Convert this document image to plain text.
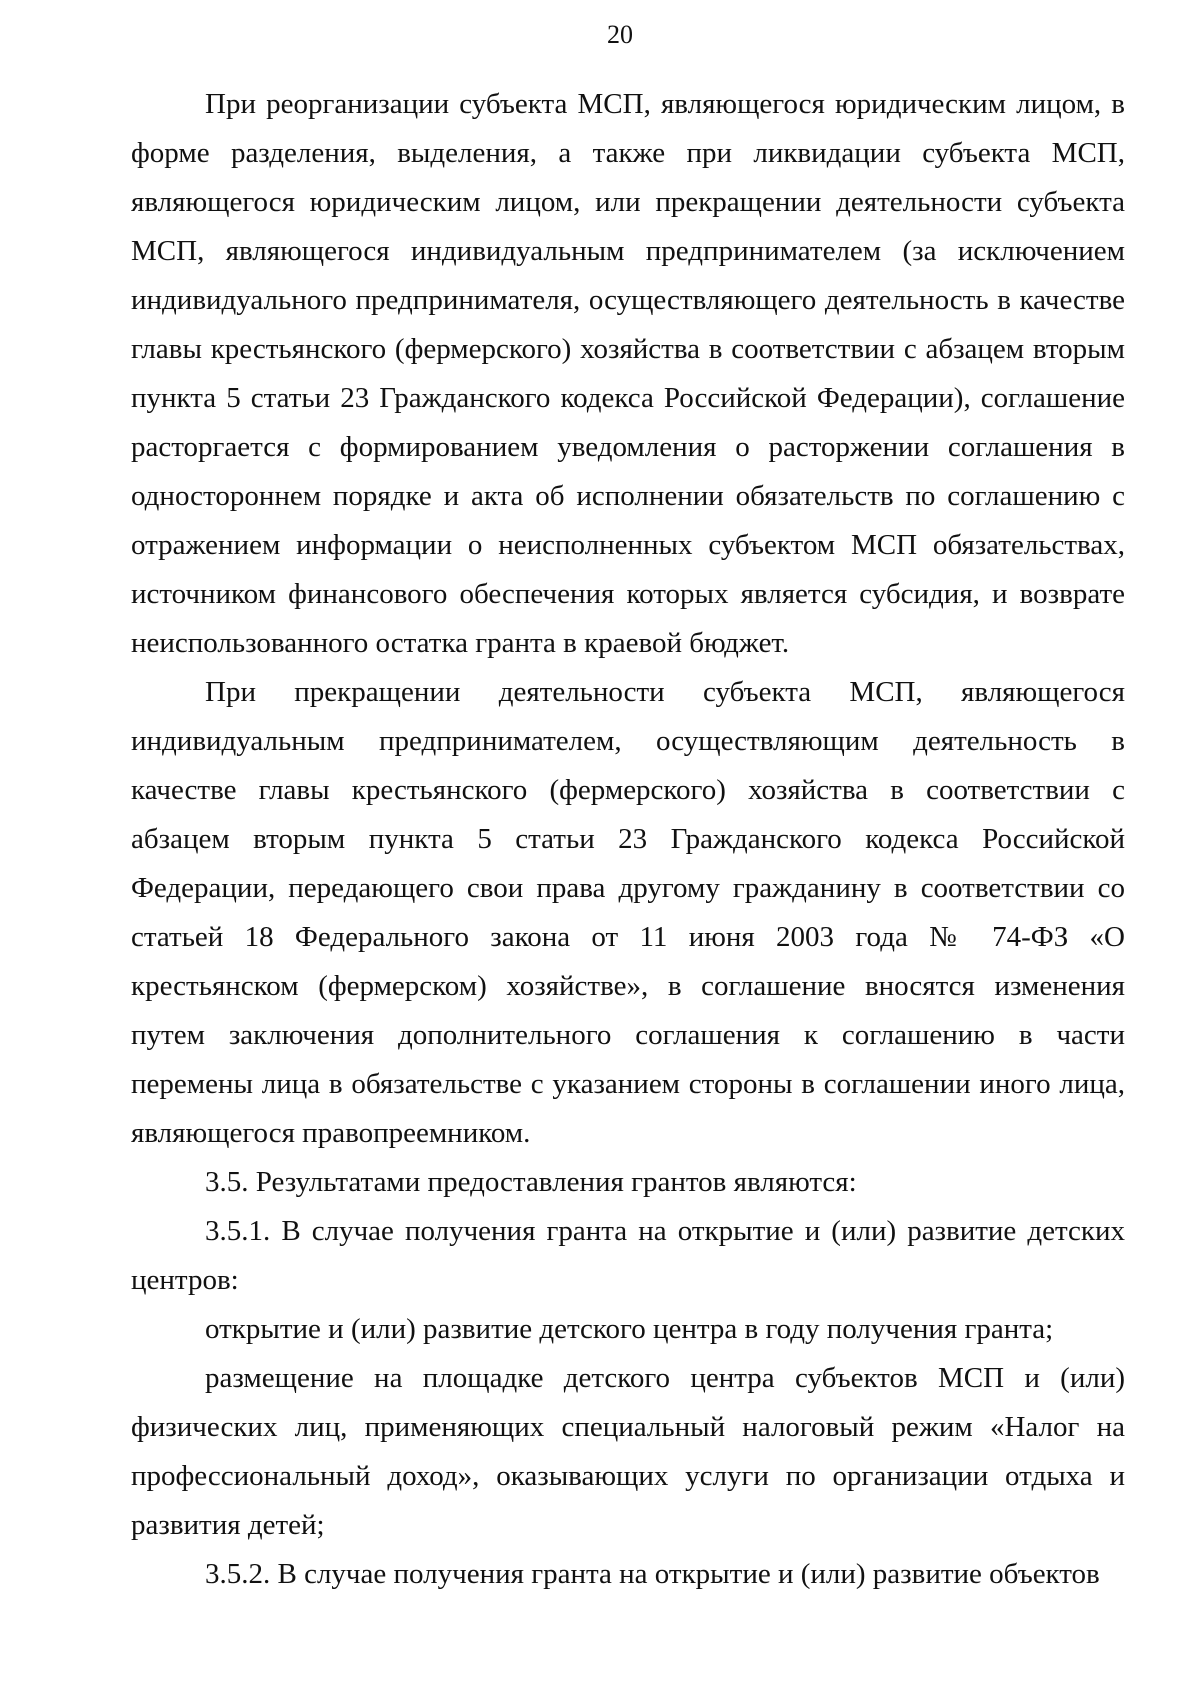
20

При реорганизации субъекта МСП, являющегося юридическим лицом, в форме разделения, выделения, а также при ликвидации субъекта МСП, являющегося юридическим лицом, или прекращении деятельности субъекта МСП, являющегося индивидуальным предпринимателем (за исключением индивидуального предпринимателя, осуществляющего деятельность в качестве главы крестьянского (фермерского) хозяйства в соответствии с абзацем вторым пункта 5 статьи 23 Гражданского кодекса Российской Федерации), соглашение расторгается с формированием уведомления о расторжении соглашения в одностороннем порядке и акта об исполнении обязательств по соглашению с отражением информации о неисполненных субъектом МСП обязательствах, источником финансового обеспечения которых является субсидия, и возврате неиспользованного остатка гранта в краевой бюджет.

При прекращении деятельности субъекта МСП, являющегося индивидуальным предпринимателем, осуществляющим деятельность в качестве главы крестьянского (фермерского) хозяйства в соответствии с абзацем вторым пункта 5 статьи 23 Гражданского кодекса Российской Федерации, передающего свои права другому гражданину в соответствии со статьей 18 Федерального закона от 11 июня 2003 года № 74-ФЗ «О крестьянском (фермерском) хозяйстве», в соглашение вносятся изменения путем заключения дополнительного соглашения к соглашению в части перемены лица в обязательстве с указанием стороны в соглашении иного лица, являющегося правопреемником.

3.5. Результатами предоставления грантов являются:

3.5.1. В случае получения гранта на открытие и (или) развитие детских центров:

открытие и (или) развитие детского центра в году получения гранта;

размещение на площадке детского центра субъектов МСП и (или) физических лиц, применяющих специальный налоговый режим «Налог на профессиональный доход», оказывающих услуги по организации отдыха и развития детей;

3.5.2. В случае получения гранта на открытие и (или) развитие объектов
